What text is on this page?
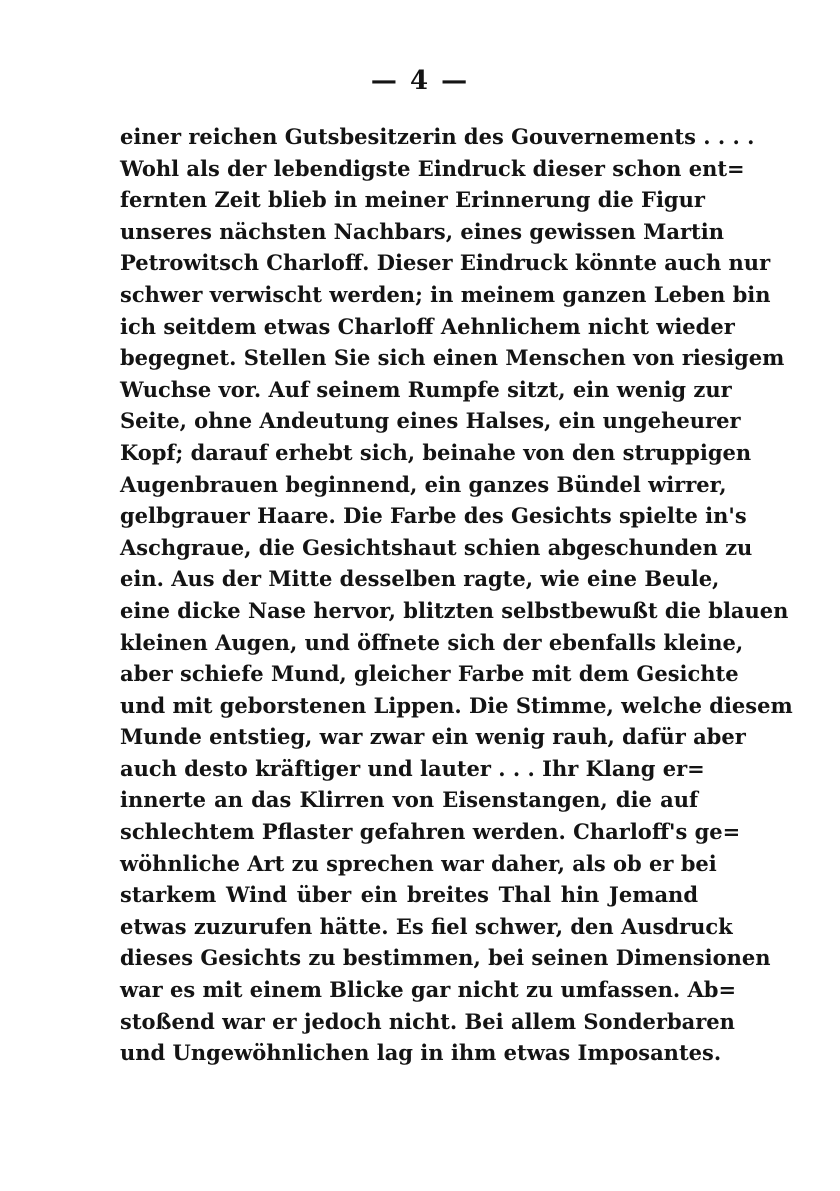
— 4 —
einer reichen Gutsbesitzerin des Gouvernements . . . .
Wohl als der lebendigste Eindruck dieser schon ent=
fernten Zeit blieb in meiner Erinnerung die Figur
unseres nächsten Nachbars, eines gewissen Martin
Petrowitsch Charloff. Dieser Eindruck könnte auch nur
schwer verwischt werden; in meinem ganzen Leben bin
ich seitdem etwas Charloff Aehnlichem nicht wieder
begegnet. Stellen Sie sich einen Menschen von riesigem
Wuchse vor. Auf seinem Rumpfe sitzt, ein wenig zur
Seite, ohne Andeutung eines Halses, ein ungeheurer
Kopf; darauf erhebt sich, beinahe von den struppigen
Augenbrauen beginnend, ein ganzes Bündel wirrer,
gelbgrauer Haare. Die Farbe des Gesichts spielte in's
Aschgraue, die Gesichtshaut schien abgeschunden zu
ein. Aus der Mitte desselben ragte, wie eine Beule,
eine dicke Nase hervor, blitzten selbstbewußt die blauen
kleinen Augen, und öffnete sich der ebenfalls kleine,
aber schiefe Mund, gleicher Farbe mit dem Gesichte
und mit geborstenen Lippen. Die Stimme, welche diesem
Munde entstieg, war zwar ein wenig rauh, dafür aber
auch desto kräftiger und lauter . . . Ihr Klang er=
innerte an das Klirren von Eisenstangen, die auf
schlechtem Pflaster gefahren werden. Charloff's ge=
wöhnliche Art zu sprechen war daher, als ob er bei
starkem Wind über ein breites Thal hin Jemand
etwas zuzurufen hätte. Es fiel schwer, den Ausdruck
dieses Gesichts zu bestimmen, bei seinen Dimensionen
war es mit einem Blicke gar nicht zu umfassen. Ab=
stoßend war er jedoch nicht. Bei allem Sonderbaren
und Ungewöhnlichen lag in ihm etwas Imposantes.
